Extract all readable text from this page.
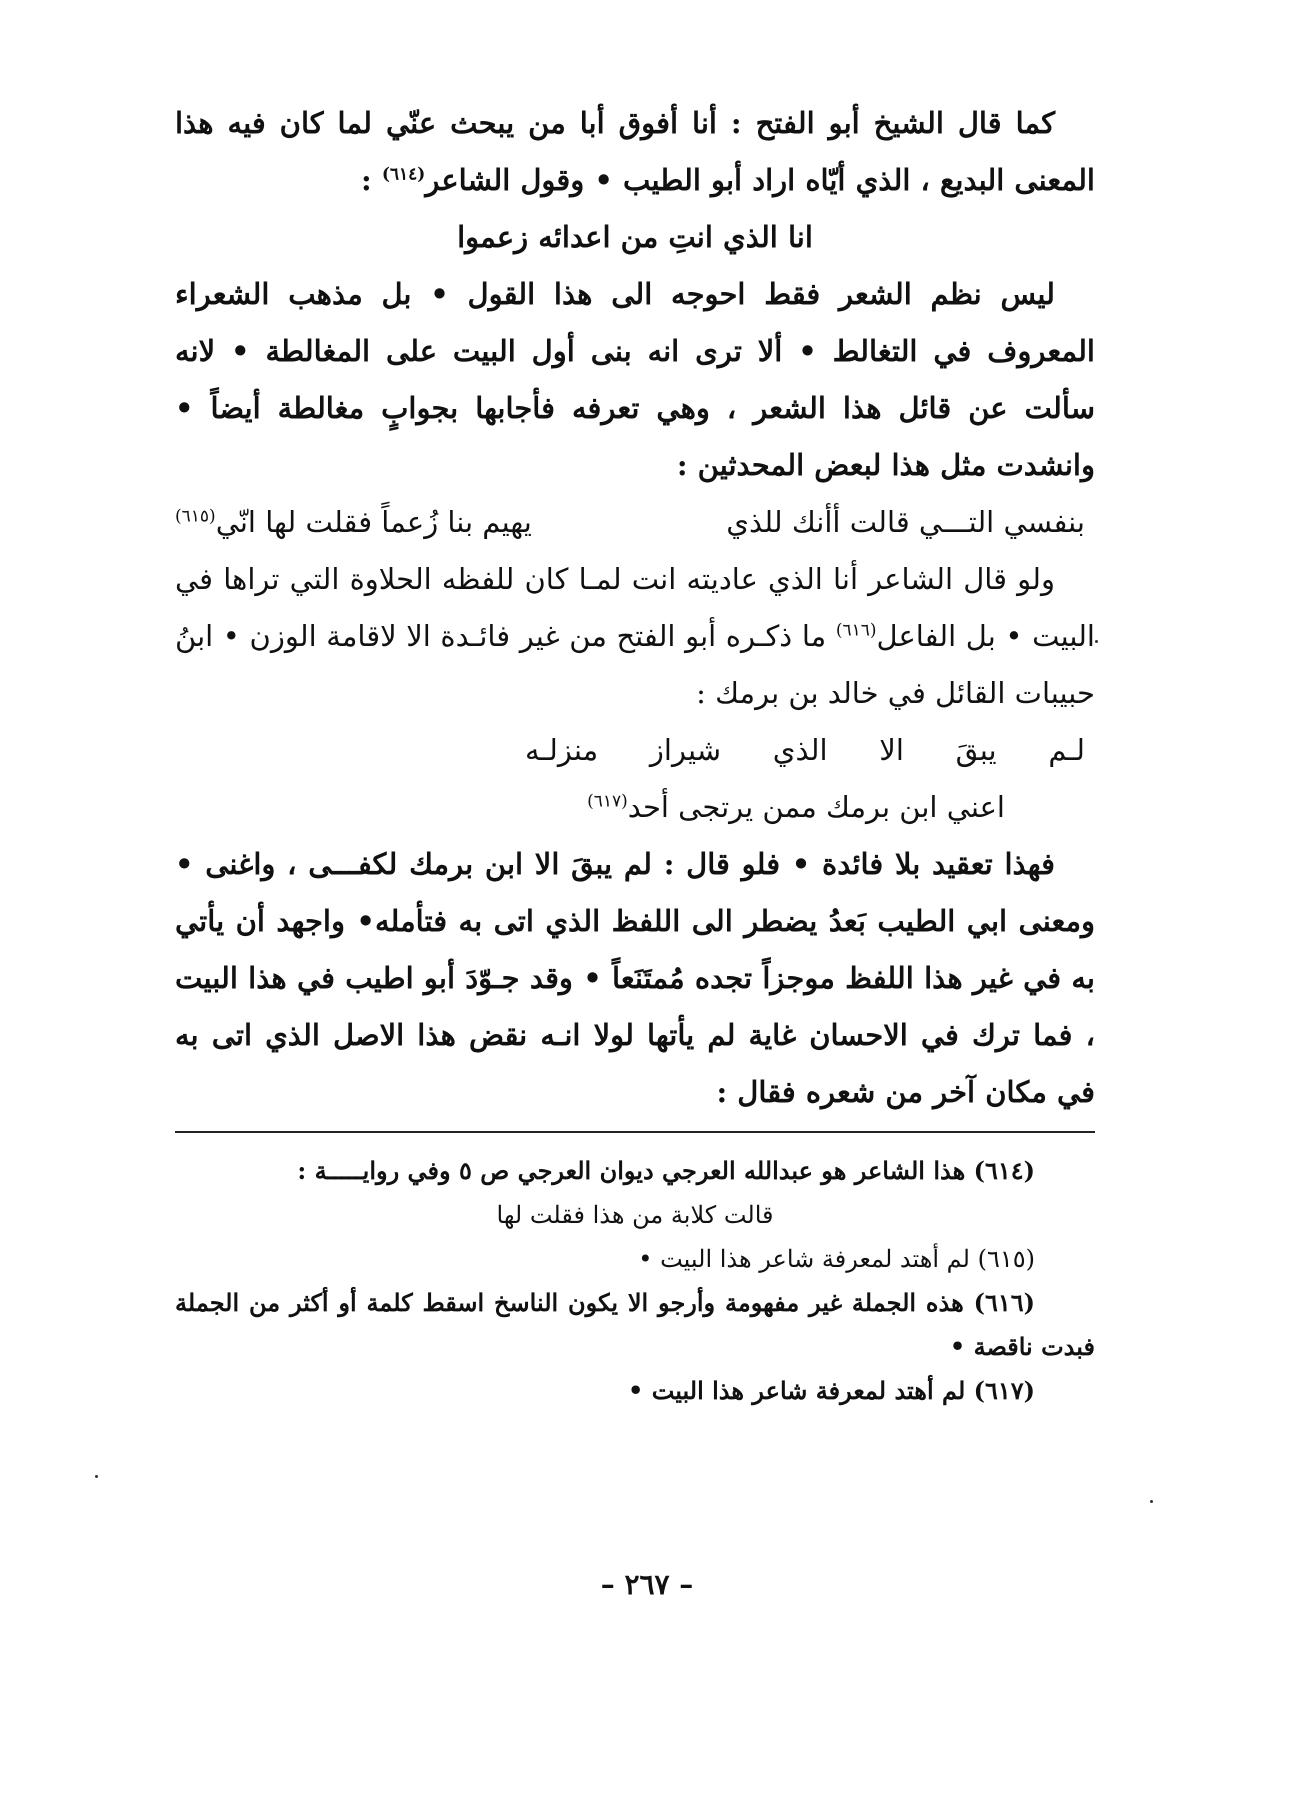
كما قال الشيخ أبو الفتح : أنا أفوق أبا من يبحث عنّي لما كان فيه هذا المعنى البديع ، الذي أيّاه اراد أبو الطيب • وقول الشاعر$^{(٦١٤)}$ :

انا الذي انتِ من اعدائه زعموا

ليس نظم الشعر فقط احوجه الى هذا القول • بل مذهب الشعراء المعروف في التغالط • ألا ترى انه بنى أول البيت على المغالطة • لانه سألت عن قائل هذا الشعر ، وهي تعرفه فأجابها بجوابٍ مغالطة أيضاً • وانشدت مثل هذا لبعض المحدثين :

بنفسي التـــي قالت أأنك للذي
يهيم بنا زُعماً فقلت لها انّي$^{(٦١٥)}$

ولو قال الشاعر أنا الذي عاديته انت لمـا كان للفظه الحلاوة التي تراها في البيت • بل الفاعل$^{(٦١٦)}$ ما ذكـره أبو الفتح من غير فائـدة الا لاقامة الوزن • ابنُ حبيبات القائل في خالد بن برمك :

لـم
يبقَ
الا
الذي
شيراز
منزلـه
اعني ابن برمك ممن يرتجى أحد$^{(٦١٧)}$

فهذا تعقيد بلا فائدة • فلو قال : لم يبقَ الا ابن برمك لكفـــى ، واغنى • ومعنى ابي الطيب بَعدُ يضطر الى اللفظ الذي اتى به فتأمله• واجهد أن يأتي به في غير هذا اللفظ موجزاً تجده مُمتَنَعاً • وقد جـوّدَ أبو اطيب في هذا البيت ، فما ترك في الاحسان غاية لم يأتها لولا انـه نقض هذا الاصل الذي اتى به في مكان آخر من شعره فقال :

(٦١٤) هذا الشاعر هو عبدالله العرجي ديوان العرجي ص ٥ وفي روايـــــة :

قالت كلابة من هذا فقلت لها

(٦١٥) لم أهتد لمعرفة شاعر هذا البيت •

(٦١٦) هذه الجملة غير مفهومة وأرجو الا يكون الناسخ اسقط كلمة أو أكثر من الجملة فبدت ناقصة •

(٦١٧) لم أهتد لمعرفة شاعر هذا البيت •

– ٢٦٧ –
